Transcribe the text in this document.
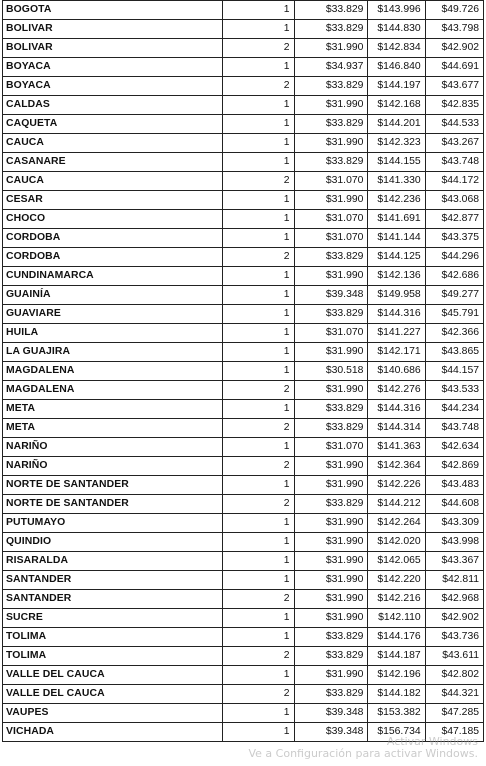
BOGOTA	1	$33.829	$143.996	$49.726
BOLIVAR	1	$33.829	$144.830	$43.798
BOLIVAR	2	$31.990	$142.834	$42.902
BOYACA	1	$34.937	$146.840	$44.691
BOYACA	2	$33.829	$144.197	$43.677
CALDAS	1	$31.990	$142.168	$42.835
CAQUETA	1	$33.829	$144.201	$44.533
CAUCA	1	$31.990	$142.323	$43.267
CASANARE	1	$33.829	$144.155	$43.748
CAUCA	2	$31.070	$141.330	$44.172
CESAR	1	$31.990	$142.236	$43.068
CHOCO	1	$31.070	$141.691	$42.877
CORDOBA	1	$31.070	$141.144	$43.375
CORDOBA	2	$33.829	$144.125	$44.296
CUNDINAMARCA	1	$31.990	$142.136	$42.686
GUAINÍA	1	$39.348	$149.958	$49.277
GUAVIARE	1	$33.829	$144.316	$45.791
HUILA	1	$31.070	$141.227	$42.366
LA GUAJIRA	1	$31.990	$142.171	$43.865
MAGDALENA	1	$30.518	$140.686	$44.157
MAGDALENA	2	$31.990	$142.276	$43.533
META	1	$33.829	$144.316	$44.234
META	2	$33.829	$144.314	$43.748
NARIÑO	1	$31.070	$141.363	$42.634
NARIÑO	2	$31.990	$142.364	$42.869
NORTE DE SANTANDER	1	$31.990	$142.226	$43.483
NORTE DE SANTANDER	2	$33.829	$144.212	$44.608
PUTUMAYO	1	$31.990	$142.264	$43.309
QUINDIO	1	$31.990	$142.020	$43.998
RISARALDA	1	$31.990	$142.065	$43.367
SANTANDER	1	$31.990	$142.220	$42.811
SANTANDER	2	$31.990	$142.216	$42.968
SUCRE	1	$31.990	$142.110	$42.902
TOLIMA	1	$33.829	$144.176	$43.736
TOLIMA	2	$33.829	$144.187	$43.611
VALLE DEL CAUCA	1	$31.990	$142.196	$42.802
VALLE DEL CAUCA	2	$33.829	$144.182	$44.321
VAUPES	1	$39.348	$153.382	$47.285
VICHADA	1	$39.348	$156.734	$47.185
Activar Windows
Ve a Configuración para activar Windows.
